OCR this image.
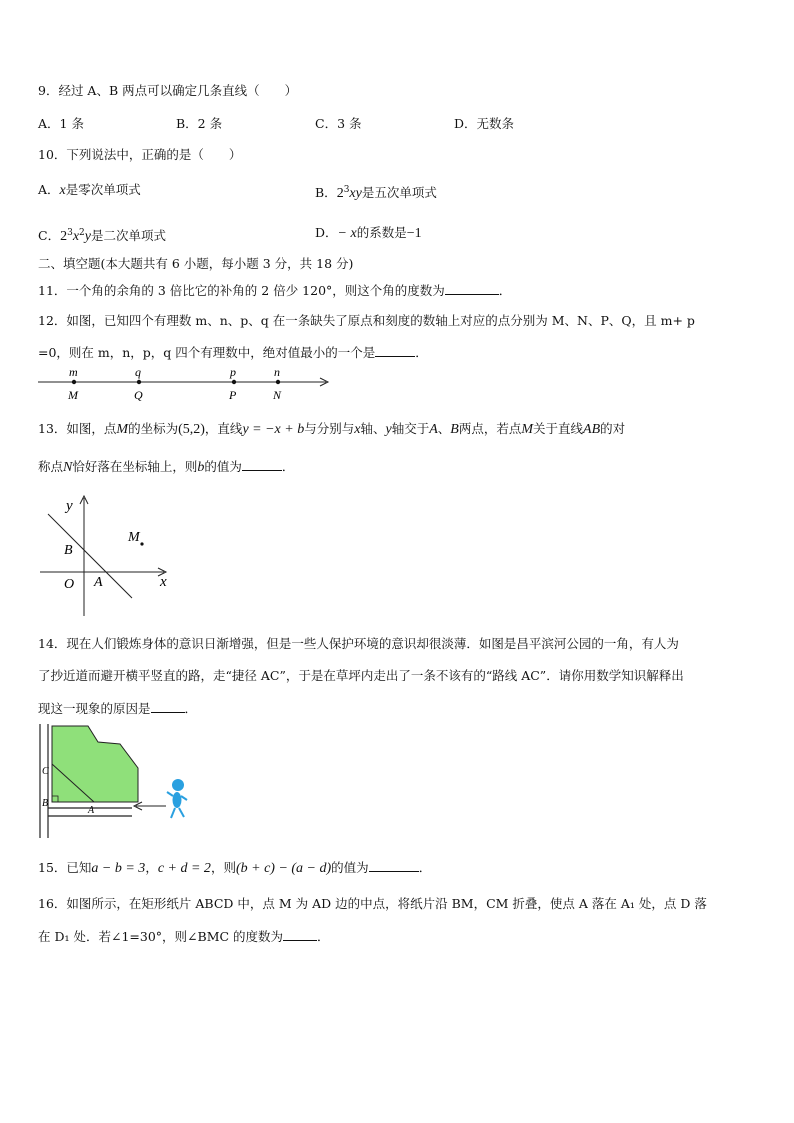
9．经过 A、B 两点可以确定几条直线（　　）
A．1 条	B．2 条	C．3 条	D．无数条
10．下列说法中，正确的是（　　）
A．x是零次单项式	B．$2^3xy$是五次单项式
C．$2^3x^2y$是二次单项式	D．− x的系数是−1
二、填空题(本大题共有 6 小题，每小题 3 分，共 18 分)
11．一个角的余角的 3 倍比它的补角的 2 倍少 120°，则这个角的度数为	．
12．如图，已知四个有理数 m、n、p、q 在一条缺失了原点和刻度的数轴上对应的点分别为 M、N、P、Q，且 m+ p
=0，则在 m，n，p，q 四个有理数中，绝对值最小的一个是	．
m	q	p	n
M	Q	P	N
13．如图，点M的坐标为(5,2)，直线y = −x + b与分别与x轴、y轴交于A、B两点，若点M关于直线AB的对
称点N恰好落在坐标轴上，则b的值为	．
y
x
O
B
A
M
14．现在人们锻炼身体的意识日渐增强，但是一些人保护环境的意识却很淡薄．如图是昌平滨河公园的一角，有人为
了抄近道而避开横平竖直的路，走“捷径 AC”，于是在草坪内走出了一条不该有的“路线 AC”．请你用数学知识解释出
现这一现象的原因是	．
C
B
A
15．已知a − b = 3，c + d = 2，则(b + c) − (a − d)的值为	．
16．如图所示，在矩形纸片 ABCD 中，点 M 为 AD 边的中点，将纸片沿 BM，CM 折叠，使点 A 落在 A₁ 处，点 D 落
在 D₁ 处．若∠1=30°，则∠BMC 的度数为	．
